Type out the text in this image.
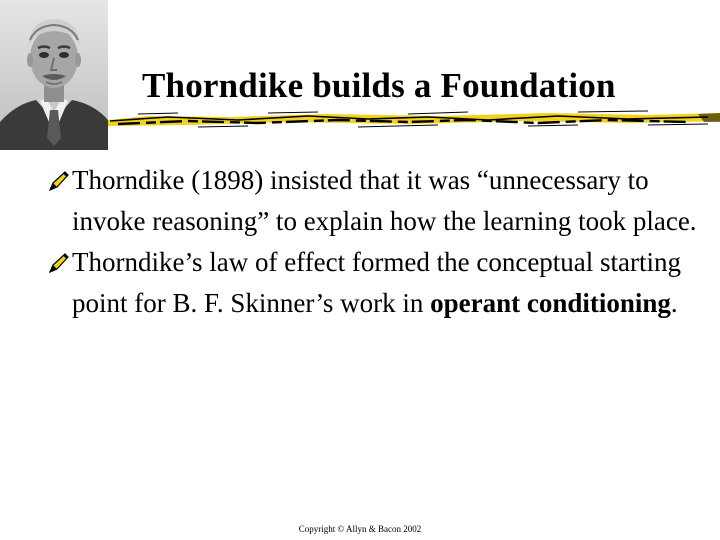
Thorndike builds a Foundation
Thorndike (1898) insisted that it was “unnecessary to invoke reasoning” to explain how the learning took place.
Thorndike’s law of effect formed the conceptual starting point for B. F. Skinner’s work in operant conditioning.
Copyright © Allyn & Bacon 2002
